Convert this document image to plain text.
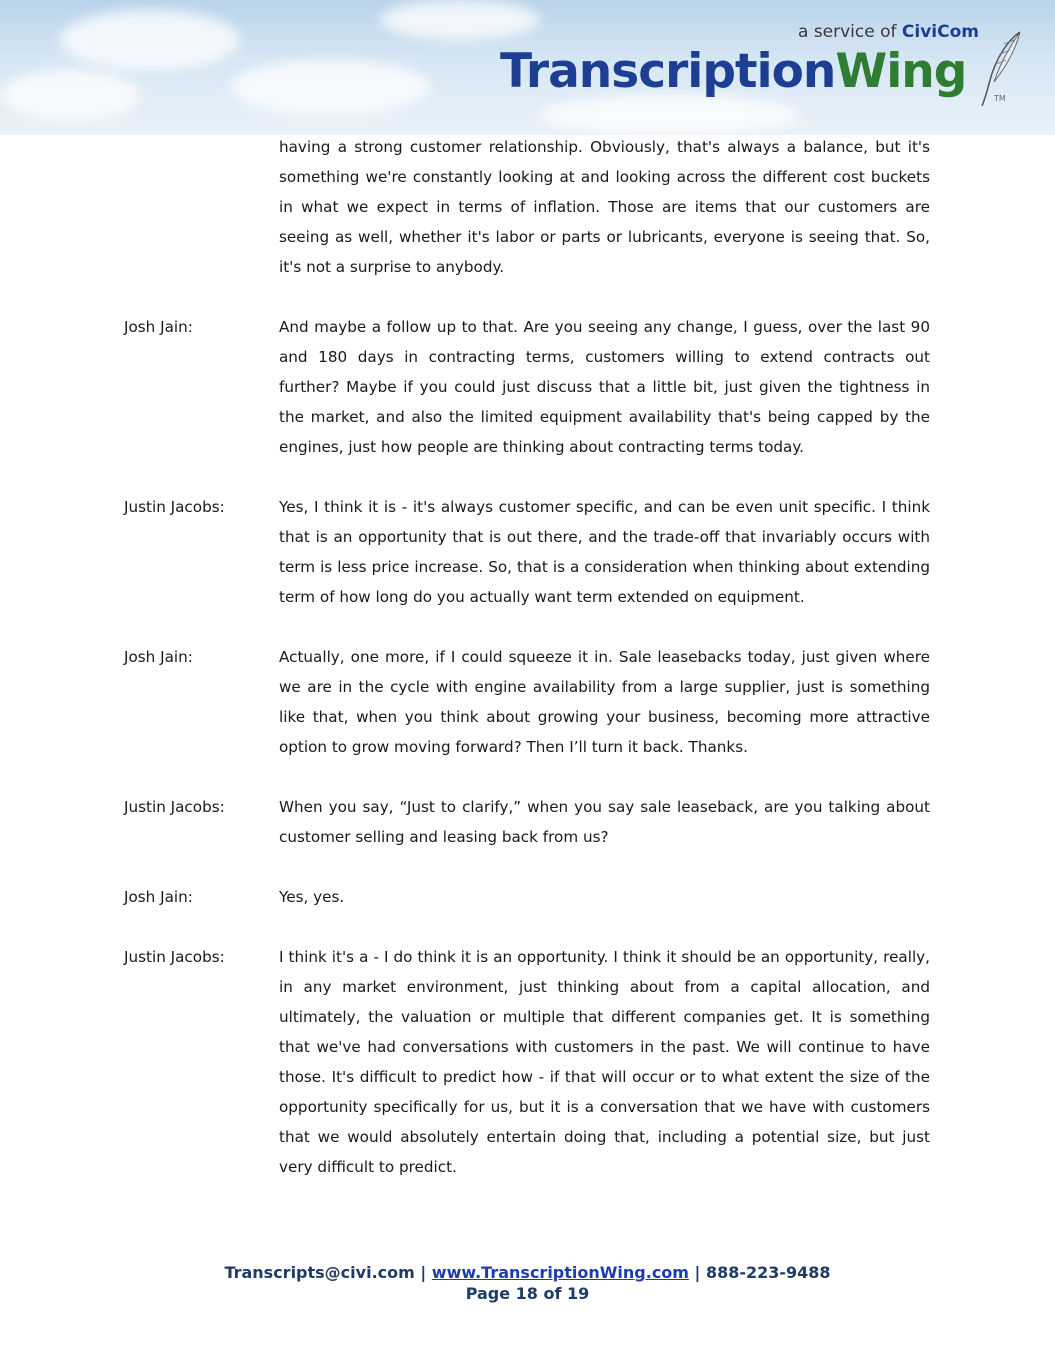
a service of CiviCom
TranscriptionWing	TM
having a strong customer relationship. Obviously, that's always a balance, but it's something we're constantly looking at and looking across the different cost buckets in what we expect in terms of inflation. Those are items that our customers are seeing as well, whether it's labor or parts or lubricants, everyone is seeing that. So, it's not a surprise to anybody.
Josh Jain:	And maybe a follow up to that. Are you seeing any change, I guess, over the last 90 and 180 days in contracting terms, customers willing to extend contracts out further? Maybe if you could just discuss that a little bit, just given the tightness in the market, and also the limited equipment availability that's being capped by the engines, just how people are thinking about contracting terms today.
Justin Jacobs:	Yes, I think it is - it's always customer specific, and can be even unit specific. I think that is an opportunity that is out there, and the trade-off that invariably occurs with term is less price increase. So, that is a consideration when thinking about extending term of how long do you actually want term extended on equipment.
Josh Jain:	Actually, one more, if I could squeeze it in. Sale leasebacks today, just given where we are in the cycle with engine availability from a large supplier, just is something like that, when you think about growing your business, becoming more attractive option to grow moving forward? Then I’ll turn it back. Thanks.
Justin Jacobs:	When you say, “Just to clarify,” when you say sale leaseback, are you talking about customer selling and leasing back from us?
Josh Jain:	Yes, yes.
Justin Jacobs:	I think it's a - I do think it is an opportunity. I think it should be an opportunity, really, in any market environment, just thinking about from a capital allocation, and ultimately, the valuation or multiple that different companies get. It is something that we've had conversations with customers in the past. We will continue to have those. It's difficult to predict how - if that will occur or to what extent the size of the opportunity specifically for us, but it is a conversation that we have with customers that we would absolutely entertain doing that, including a potential size, but just very difficult to predict.
Transcripts@civi.com | www.TranscriptionWing.com | 888-223-9488
Page 18 of 19
